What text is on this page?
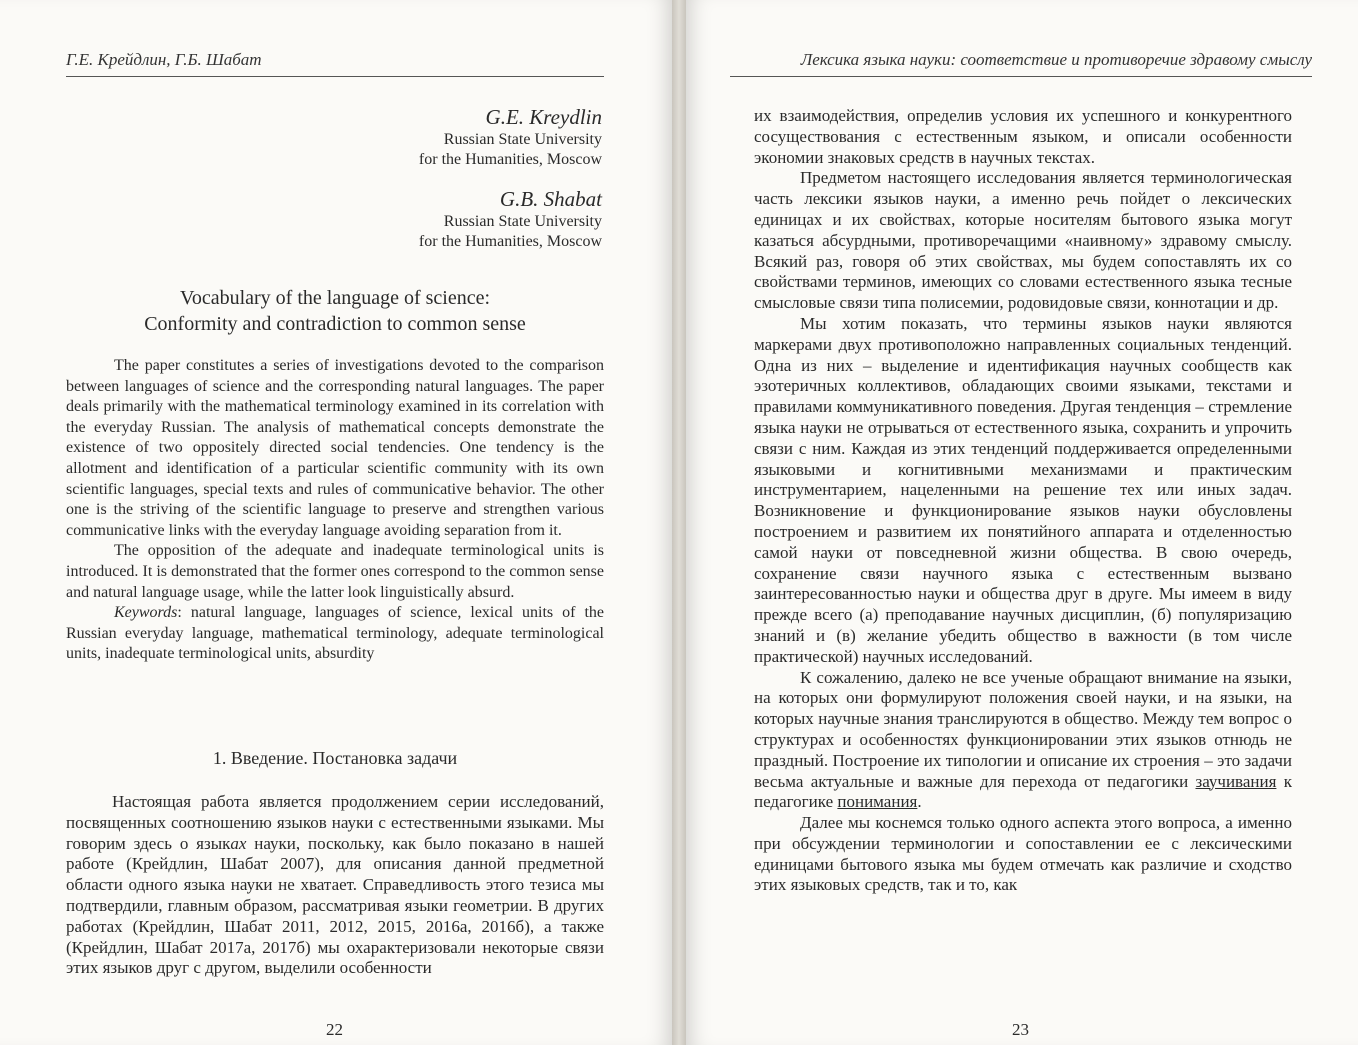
Г.Е. Крейдлин, Г.Б. Шабат
G.E. Kreydlin
Russian State University
for the Humanities, Moscow
G.B. Shabat
Russian State University
for the Humanities, Moscow
Vocabulary of the language of science:
Conformity and contradiction to common sense

The paper constitutes a series of investigations devoted to the comparison between languages of science and the corresponding natural languages. The paper deals primarily with the mathematical terminology examined in its correlation with the everyday Russian. The analysis of mathematical concepts demonstrate the existence of two oppositely directed social tendencies. One tendency is the allotment and identification of a particular scientific community with its own scientific languages, special texts and rules of communicative behavior. The other one is the striving of the scientific language to preserve and strengthen various communicative links with the everyday language avoiding separation from it.

The opposition of the adequate and inadequate terminological units is introduced. It is demonstrated that the former ones correspond to the common sense and natural language usage, while the latter look linguistically absurd.

Keywords: natural language, languages of science, lexical units of the Russian everyday language, mathematical terminology, adequate terminological units, inadequate terminological units, absurdity

1. Введение. Постановка задачи

Настоящая работа является продолжением серии исследований, посвященных соотношению языков науки с естественными языками. Мы говорим здесь о языках науки, поскольку, как было показано в нашей работе (Крейдлин, Шабат 2007), для описания данной предметной области одного языка науки не хватает. Справедливость этого тезиса мы подтвердили, главным образом, рассматривая языки геометрии. В других работах (Крейдлин, Шабат 2011, 2012, 2015, 2016а, 2016б), а также (Крейдлин, Шабат 2017а, 2017б) мы охарактеризовали некоторые связи этих языков друг с другом, выделили особенности

22
Лексика языка науки: соответствие и противоречие здравому смыслу

их взаимодействия, определив условия их успешного и конкурентного сосуществования с естественным языком, и описали особенности экономии знаковых средств в научных текстах.

Предметом настоящего исследования является терминологическая часть лексики языков науки, а именно речь пойдет о лексических единицах и их свойствах, которые носителям бытового языка могут казаться абсурдными, противоречащими «наивному» здравому смыслу. Всякий раз, говоря об этих свойствах, мы будем сопоставлять их со свойствами терминов, имеющих со словами естественного языка тесные смысловые связи типа полисемии, родовидовые связи, коннотации и др.

Мы хотим показать, что термины языков науки являются маркерами двух противоположно направленных социальных тенденций. Одна из них – выделение и идентификация научных сообществ как эзотеричных коллективов, обладающих своими языками, текстами и правилами коммуникативного поведения. Другая тенденция – стремление языка науки не отрываться от естественного языка, сохранить и упрочить связи с ним. Каждая из этих тенденций поддерживается определенными языковыми и когнитивными механизмами и практическим инструментарием, нацеленными на решение тех или иных задач. Возникновение и функционирование языков науки обусловлены построением и развитием их понятийного аппарата и отделенностью самой науки от повседневной жизни общества. В свою очередь, сохранение связи научного языка с естественным вызвано заинтересованностью науки и общества друг в друге. Мы имеем в виду прежде всего (а) преподавание научных дисциплин, (б) популяризацию знаний и (в) желание убедить общество в важности (в том числе практической) научных исследований.

К сожалению, далеко не все ученые обращают внимание на языки, на которых они формулируют положения своей науки, и на языки, на которых научные знания транслируются в общество. Между тем вопрос о структурах и особенностях функционировании этих языков отнюдь не праздный. Построение их типологии и описание их строения – это задачи весьма актуальные и важные для перехода от педагогики заучивания к педагогике понимания.

Далее мы коснемся только одного аспекта этого вопроса, а именно при обсуждении терминологии и сопоставлении ее с лексическими единицами бытового языка мы будем отмечать как различие и сходство этих языковых средств, так и то, как

23
